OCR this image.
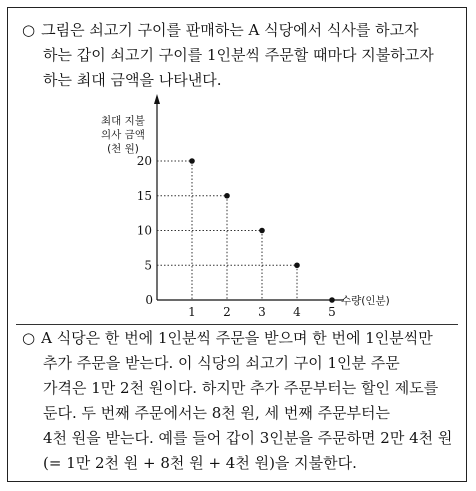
○ 그림은 쇠고기 구이를 판매하는 A 식당에서 식사를 하고자
하는 갑이 쇠고기 구이를 1인분씩 주문할 때마다 지불하고자
하는 최대 금액을 나타낸다.
최대 지불
의사 금액
(천 원)
0	수량(인분)
5
10
15
20
1 2 3 4 5
○ A 식당은 한 번에 1인분씩 주문을 받으며 한 번에 1인분씩만
추가 주문을 받는다. 이 식당의 쇠고기 구이 1인분 주문
가격은 1만 2천 원이다. 하지만 추가 주문부터는 할인 제도를
둔다. 두 번째 주문에서는 8천 원, 세 번째 주문부터는
4천 원을 받는다. 예를 들어 갑이 3인분을 주문하면 2만 4천 원
(= 1만 2천 원 + 8천 원 + 4천 원)을 지불한다.
